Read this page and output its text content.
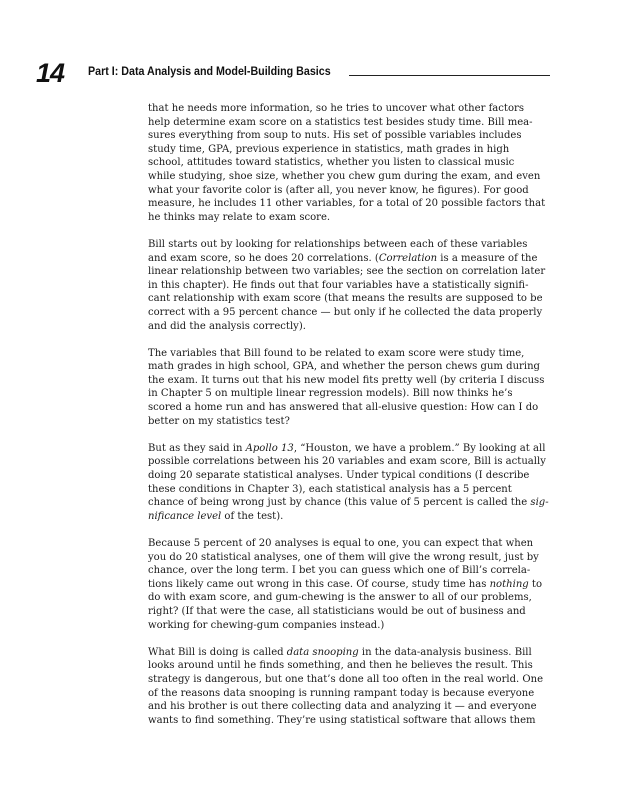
14 Part I: Data Analysis and Model-Building Basics

that he needs more information, so he tries to uncover what other factors
help determine exam score on a statistics test besides study time. Bill mea-
sures everything from soup to nuts. His set of possible variables includes
study time, GPA, previous experience in statistics, math grades in high
school, attitudes toward statistics, whether you listen to classical music
while studying, shoe size, whether you chew gum during the exam, and even
what your favorite color is (after all, you never know, he figures). For good
measure, he includes 11 other variables, for a total of 20 possible factors that
he thinks may relate to exam score.

Bill starts out by looking for relationships between each of these variables
and exam score, so he does 20 correlations. (Correlation is a measure of the
linear relationship between two variables; see the section on correlation later
in this chapter). He finds out that four variables have a statistically signifi-
cant relationship with exam score (that means the results are supposed to be
correct with a 95 percent chance — but only if he collected the data properly
and did the analysis correctly).

The variables that Bill found to be related to exam score were study time,
math grades in high school, GPA, and whether the person chews gum during
the exam. It turns out that his new model fits pretty well (by criteria I discuss
in Chapter 5 on multiple linear regression models). Bill now thinks he’s
scored a home run and has answered that all-elusive question: How can I do
better on my statistics test?

But as they said in Apollo 13, “Houston, we have a problem.” By looking at all
possible correlations between his 20 variables and exam score, Bill is actually
doing 20 separate statistical analyses. Under typical conditions (I describe
these conditions in Chapter 3), each statistical analysis has a 5 percent
chance of being wrong just by chance (this value of 5 percent is called the sig-
nificance level of the test).

Because 5 percent of 20 analyses is equal to one, you can expect that when
you do 20 statistical analyses, one of them will give the wrong result, just by
chance, over the long term. I bet you can guess which one of Bill’s correla-
tions likely came out wrong in this case. Of course, study time has nothing to
do with exam score, and gum-chewing is the answer to all of our problems,
right? (If that were the case, all statisticians would be out of business and
working for chewing-gum companies instead.)

What Bill is doing is called data snooping in the data-analysis business. Bill
looks around until he finds something, and then he believes the result. This
strategy is dangerous, but one that’s done all too often in the real world. One
of the reasons data snooping is running rampant today is because everyone
and his brother is out there collecting data and analyzing it — and everyone
wants to find something. They’re using statistical software that allows them
